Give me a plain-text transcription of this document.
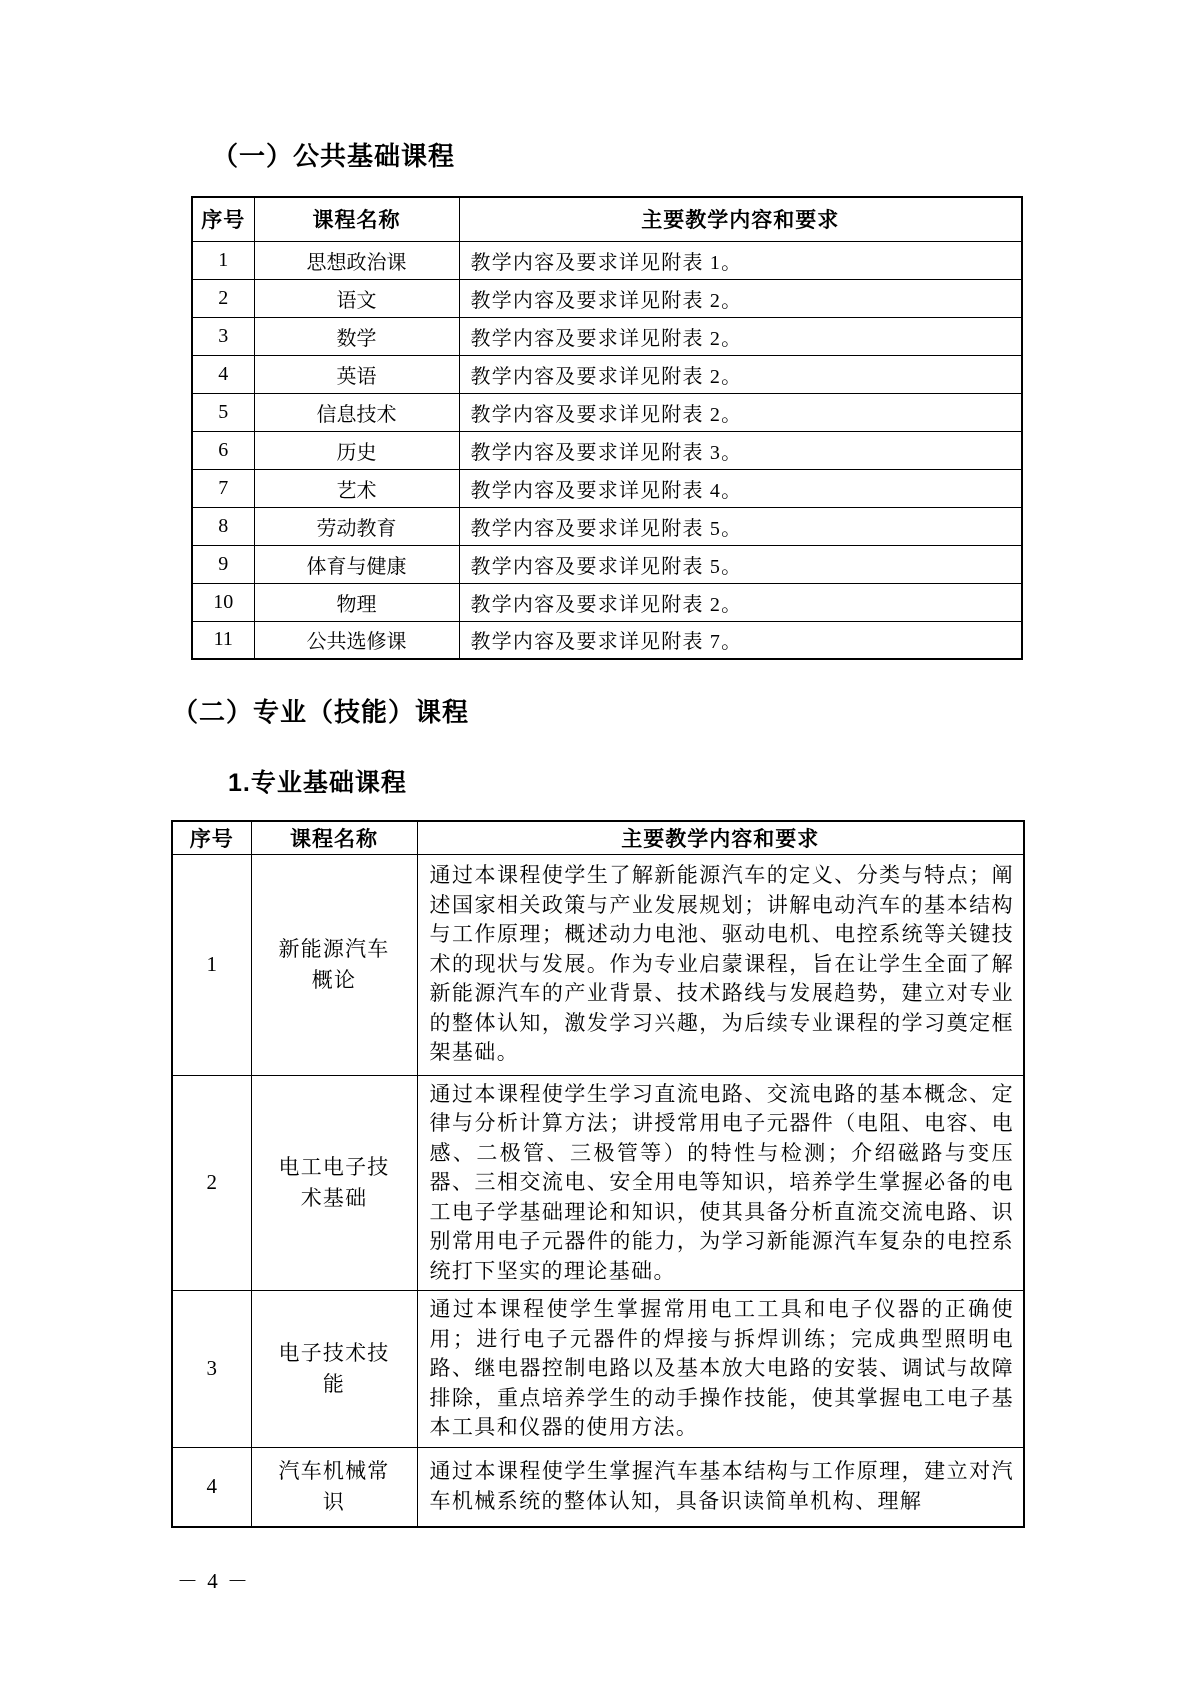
（一）公共基础课程
序号	课程名称	主要教学内容和要求
1	思想政治课	教学内容及要求详见附表 1。
2	语文	教学内容及要求详见附表 2。
3	数学	教学内容及要求详见附表 2。
4	英语	教学内容及要求详见附表 2。
5	信息技术	教学内容及要求详见附表 2。
6	历史	教学内容及要求详见附表 3。
7	艺术	教学内容及要求详见附表 4。
8	劳动教育	教学内容及要求详见附表 5。
9	体育与健康	教学内容及要求详见附表 5。
10	物理	教学内容及要求详见附表 2。
11	公共选修课	教学内容及要求详见附表 7。
（二）专业（技能）课程
1.专业基础课程
序号	课程名称	主要教学内容和要求
1	新能源汽车概论	通过本课程使学生了解新能源汽车的定义、分类与特点；阐述国家相关政策与产业发展规划；讲解电动汽车的基本结构与工作原理；概述动力电池、驱动电机、电控系统等关键技术的现状与发展。作为专业启蒙课程，旨在让学生全面了解新能源汽车的产业背景、技术路线与发展趋势，建立对专业的整体认知，激发学习兴趣，为后续专业课程的学习奠定框架基础。
2	电工电子技术基础	通过本课程使学生学习直流电路、交流电路的基本概念、定律与分析计算方法；讲授常用电子元器件（电阻、电容、电感、二极管、三极管等）的特性与检测；介绍磁路与变压器、三相交流电、安全用电等知识，培养学生掌握必备的电工电子学基础理论和知识，使其具备分析直流交流电路、识别常用电子元器件的能力，为学习新能源汽车复杂的电控系统打下坚实的理论基础。
3	电子技术技能	通过本课程使学生掌握常用电工工具和电子仪器的正确使用；进行电子元器件的焊接与拆焊训练；完成典型照明电路、继电器控制电路以及基本放大电路的安装、调试与故障排除，重点培养学生的动手操作技能，使其掌握电工电子基本工具和仪器的使用方法。
4	汽车机械常识	通过本课程使学生掌握汽车基本结构与工作原理，建立对汽车机械系统的整体认知，具备识读简单机构、理解
－ 4 －
